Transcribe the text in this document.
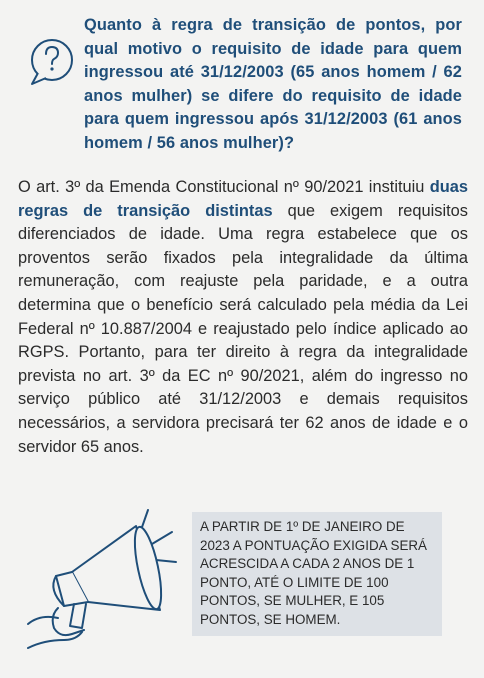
Quanto à regra de transição de pontos, por qual motivo o requisito de idade para quem ingressou até 31/12/2003 (65 anos homem / 62 anos mulher) se difere do requisito de idade para quem ingressou após 31/12/2003 (61 anos homem / 56 anos mulher)?

O art. 3º da Emenda Constitucional nº 90/2021 instituiu duas regras de transição distintas que exigem requisitos diferenciados de idade. Uma regra estabelece que os proventos serão fixados pela integralidade da última remuneração, com reajuste pela paridade, e a outra determina que o benefício será calculado pela média da Lei Federal nº 10.887/2004 e reajustado pelo índice aplicado ao RGPS. Portanto, para ter direito à regra da integralidade prevista no art. 3º da EC nº 90/2021, além do ingresso no serviço público até 31/12/2003 e demais requisitos necessários, a servidora precisará ter 62 anos de idade e o servidor 65 anos.

A PARTIR DE 1º DE JANEIRO DE 2023 A PONTUAÇÃO EXIGIDA SERÁ ACRESCIDA A CADA 2 ANOS DE 1 PONTO, ATÉ O LIMITE DE 100 PONTOS, SE MULHER, E 105 PONTOS, SE HOMEM.
